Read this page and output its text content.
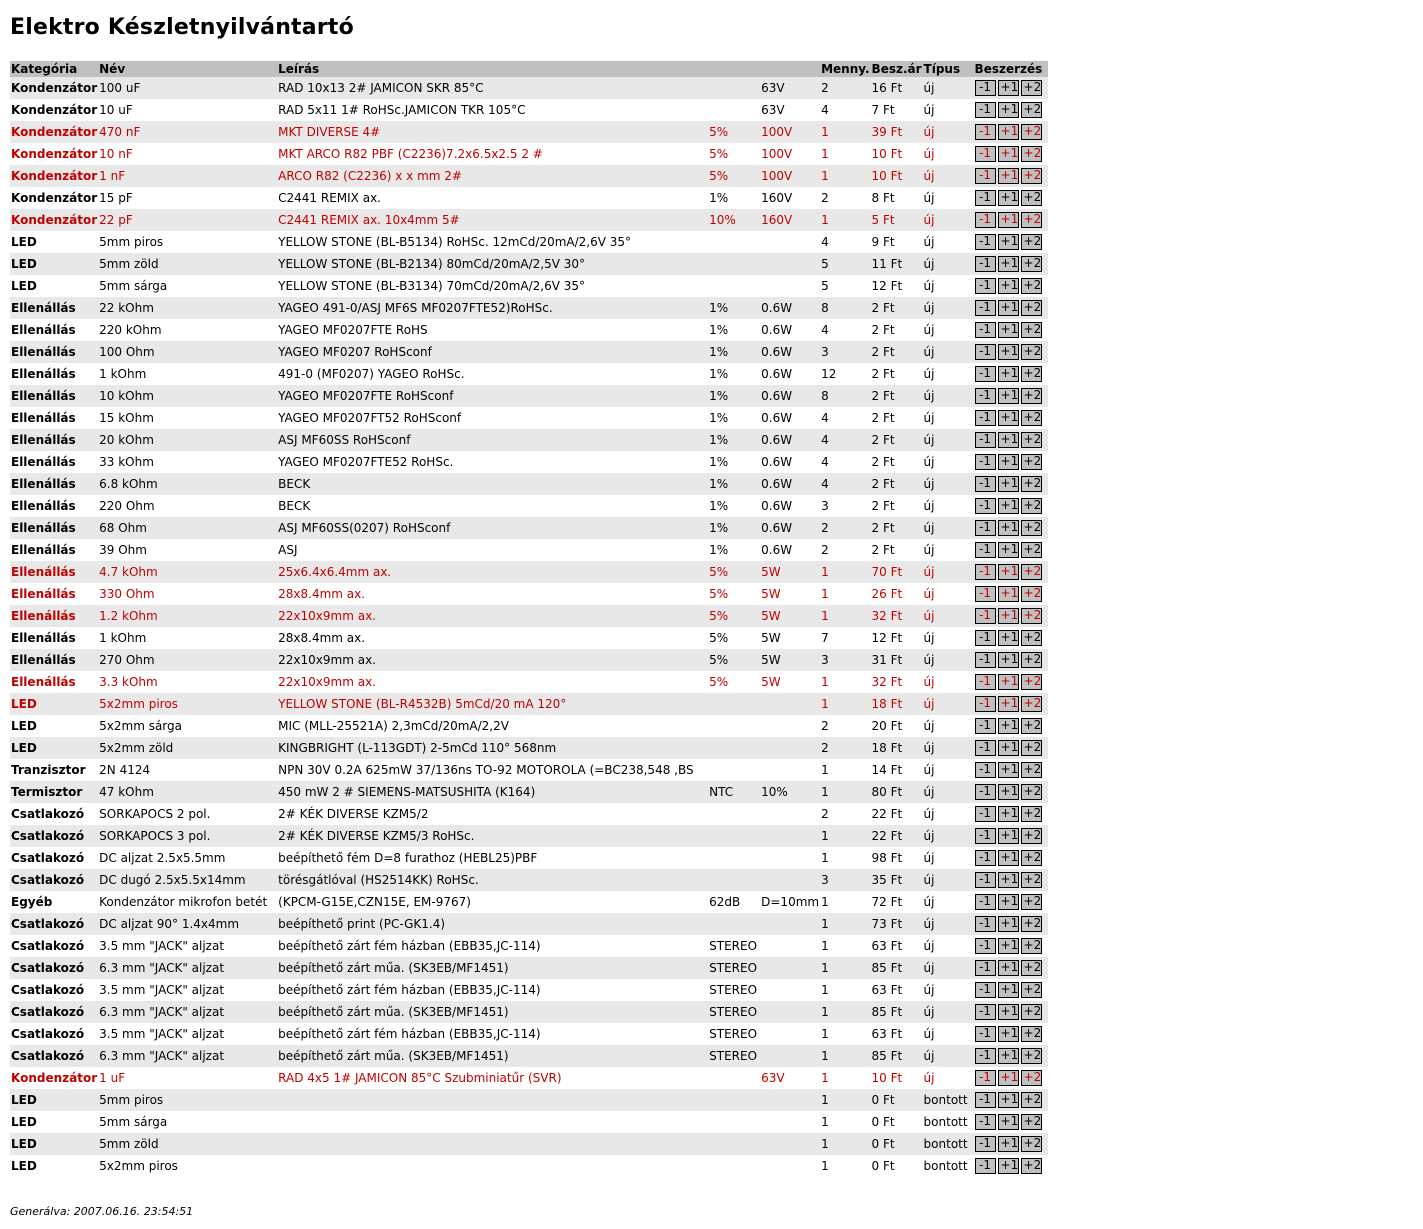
Elektro Készletnyilvántartó
Kategória	Név	Leírás			Menny.	Besz.ár	Típus	Beszerzés
Kondenzátor	100 uF	RAD 10x13 2# JAMICON SKR 85°C		63V	2	16 Ft	új	-1 +1 +2
Kondenzátor	10 uF	RAD 5x11 1# RoHSc.JAMICON TKR 105°C		63V	4	7 Ft	új	-1 +1 +2
Kondenzátor	470 nF	MKT DIVERSE 4#	5%	100V	1	39 Ft	új	-1 +1 +2
Kondenzátor	10 nF	MKT ARCO R82 PBF (C2236)7.2x6.5x2.5 2 #	5%	100V	1	10 Ft	új	-1 +1 +2
Kondenzátor	1 nF	ARCO R82 (C2236) x x mm 2#	5%	100V	1	10 Ft	új	-1 +1 +2
Kondenzátor	15 pF	C2441 REMIX ax.	1%	160V	2	8 Ft	új	-1 +1 +2
Kondenzátor	22 pF	C2441 REMIX ax. 10x4mm 5#	10%	160V	1	5 Ft	új	-1 +1 +2
LED	5mm piros	YELLOW STONE (BL-B5134) RoHSc. 12mCd/20mA/2,6V 35°			4	9 Ft	új	-1 +1 +2
LED	5mm zöld	YELLOW STONE (BL-B2134) 80mCd/20mA/2,5V 30°			5	11 Ft	új	-1 +1 +2
LED	5mm sárga	YELLOW STONE (BL-B3134) 70mCd/20mA/2,6V 35°			5	12 Ft	új	-1 +1 +2
Ellenállás	22 kOhm	YAGEO 491-0/ASJ MF6S MF0207FTE52)RoHSc.	1%	0.6W	8	2 Ft	új	-1 +1 +2
Ellenállás	220 kOhm	YAGEO MF0207FTE RoHS	1%	0.6W	4	2 Ft	új	-1 +1 +2
Ellenállás	100 Ohm	YAGEO MF0207 RoHSconf	1%	0.6W	3	2 Ft	új	-1 +1 +2
Ellenállás	1 kOhm	491-0 (MF0207) YAGEO RoHSc.	1%	0.6W	12	2 Ft	új	-1 +1 +2
Ellenállás	10 kOhm	YAGEO MF0207FTE RoHSconf	1%	0.6W	8	2 Ft	új	-1 +1 +2
Ellenállás	15 kOhm	YAGEO MF0207FT52 RoHSconf	1%	0.6W	4	2 Ft	új	-1 +1 +2
Ellenállás	20 kOhm	ASJ MF60SS RoHSconf	1%	0.6W	4	2 Ft	új	-1 +1 +2
Ellenállás	33 kOhm	YAGEO MF0207FTE52 RoHSc.	1%	0.6W	4	2 Ft	új	-1 +1 +2
Ellenállás	6.8 kOhm	BECK	1%	0.6W	4	2 Ft	új	-1 +1 +2
Ellenállás	220 Ohm	BECK	1%	0.6W	3	2 Ft	új	-1 +1 +2
Ellenállás	68 Ohm	ASJ MF60SS(0207) RoHSconf	1%	0.6W	2	2 Ft	új	-1 +1 +2
Ellenállás	39 Ohm	ASJ	1%	0.6W	2	2 Ft	új	-1 +1 +2
Ellenállás	4.7 kOhm	25x6.4x6.4mm ax.	5%	5W	1	70 Ft	új	-1 +1 +2
Ellenállás	330 Ohm	28x8.4mm ax.	5%	5W	1	26 Ft	új	-1 +1 +2
Ellenállás	1.2 kOhm	22x10x9mm ax.	5%	5W	1	32 Ft	új	-1 +1 +2
Ellenállás	1 kOhm	28x8.4mm ax.	5%	5W	7	12 Ft	új	-1 +1 +2
Ellenállás	270 Ohm	22x10x9mm ax.	5%	5W	3	31 Ft	új	-1 +1 +2
Ellenállás	3.3 kOhm	22x10x9mm ax.	5%	5W	1	32 Ft	új	-1 +1 +2
LED	5x2mm piros	YELLOW STONE (BL-R4532B) 5mCd/20 mA 120°			1	18 Ft	új	-1 +1 +2
LED	5x2mm sárga	MIC (MLL-25521A) 2,3mCd/20mA/2,2V			2	20 Ft	új	-1 +1 +2
LED	5x2mm zöld	KINGBRIGHT (L-113GDT) 2-5mCd 110° 568nm			2	18 Ft	új	-1 +1 +2
Tranzisztor	2N 4124	NPN 30V 0.2A 625mW 37/136ns TO-92 MOTOROLA (=BC238,548 ,BS			1	14 Ft	új	-1 +1 +2
Termisztor	47 kOhm	450 mW 2 # SIEMENS-MATSUSHITA (K164)	NTC	10%	1	80 Ft	új	-1 +1 +2
Csatlakozó	SORKAPOCS 2 pol.	2# KÉK DIVERSE KZM5/2			2	22 Ft	új	-1 +1 +2
Csatlakozó	SORKAPOCS 3 pol.	2# KÉK DIVERSE KZM5/3 RoHSc.			1	22 Ft	új	-1 +1 +2
Csatlakozó	DC aljzat 2.5x5.5mm	beépíthető fém D=8 furathoz (HEBL25)PBF			1	98 Ft	új	-1 +1 +2
Csatlakozó	DC dugó 2.5x5.5x14mm	törésgátlóval (HS2514KK) RoHSc.			3	35 Ft	új	-1 +1 +2
Egyéb	Kondenzátor mikrofon betét	(KPCM-G15E,CZN15E, EM-9767)	62dB	D=10mm	1	72 Ft	új	-1 +1 +2
Csatlakozó	DC aljzat 90° 1.4x4mm	beépíthető print (PC-GK1.4)			1	73 Ft	új	-1 +1 +2
Csatlakozó	3.5 mm "JACK" aljzat	beépíthető zárt fém házban (EBB35,JC-114)	STEREO		1	63 Ft	új	-1 +1 +2
Csatlakozó	6.3 mm "JACK" aljzat	beépíthető zárt műa. (SK3EB/MF1451)	STEREO		1	85 Ft	új	-1 +1 +2
Csatlakozó	3.5 mm "JACK" aljzat	beépíthető zárt fém házban (EBB35,JC-114)	STEREO		1	63 Ft	új	-1 +1 +2
Csatlakozó	6.3 mm "JACK" aljzat	beépíthető zárt műa. (SK3EB/MF1451)	STEREO		1	85 Ft	új	-1 +1 +2
Csatlakozó	3.5 mm "JACK" aljzat	beépíthető zárt fém házban (EBB35,JC-114)	STEREO		1	63 Ft	új	-1 +1 +2
Csatlakozó	6.3 mm "JACK" aljzat	beépíthető zárt műa. (SK3EB/MF1451)	STEREO		1	85 Ft	új	-1 +1 +2
Kondenzátor	1 uF	RAD 4x5 1# JAMICON 85°C Szubminiatűr (SVR)		63V	1	10 Ft	új	-1 +1 +2
LED	5mm piros				1	0 Ft	bontott	-1 +1 +2
LED	5mm sárga				1	0 Ft	bontott	-1 +1 +2
LED	5mm zöld				1	0 Ft	bontott	-1 +1 +2
LED	5x2mm piros				1	0 Ft	bontott	-1 +1 +2
Generálva: 2007.06.16. 23:54:51
